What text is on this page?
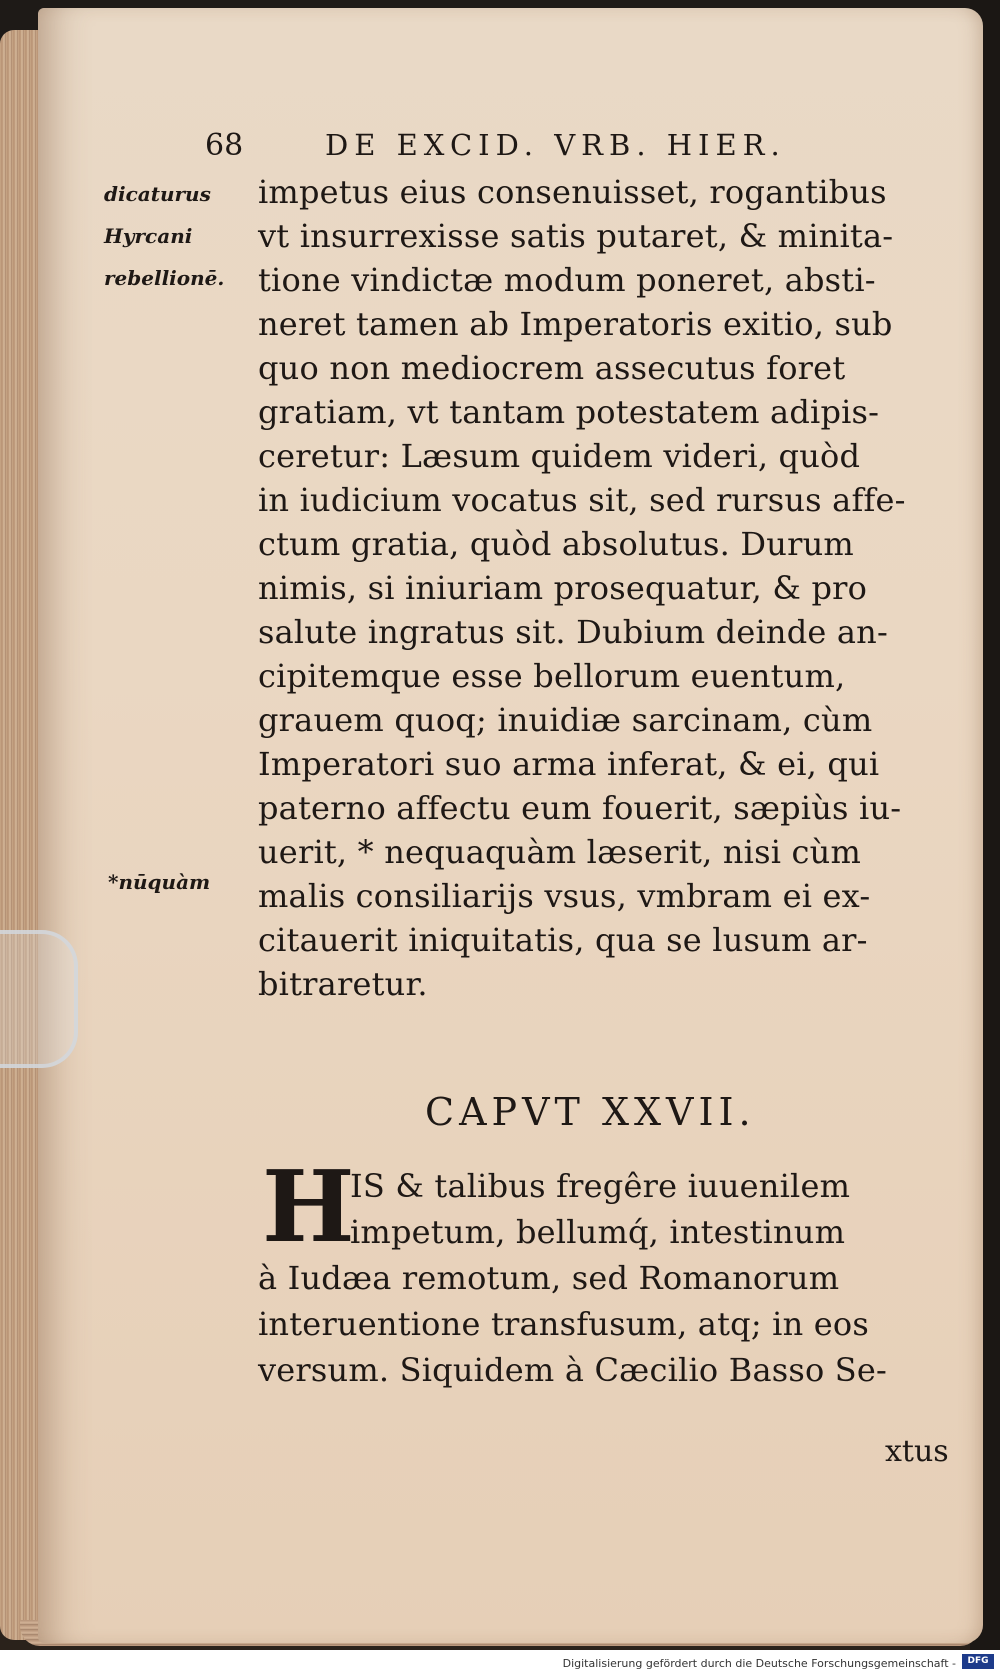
68	DE EXCID. VRB. HIER.
dicaturus
Hyrcani
rebellionē.
*nūquàm
impetus eius consenuisset, rogantibus
vt insurrexisse satis putaret, & minita-
tione vindictæ modum poneret, absti-
neret tamen ab Imperatoris exitio, sub
quo non mediocrem assecutus foret
gratiam, vt tantam potestatem adipis-
ceretur: Læsum quidem videri, quòd
in iudicium vocatus sit, sed rursus affe-
ctum gratia, quòd absolutus. Durum
nimis, si iniuriam prosequatur, & pro
salute ingratus sit. Dubium deinde an-
cipitemque esse bellorum euentum,
grauem quoq; inuidiæ sarcinam, cùm
Imperatori suo arma inferat, & ei, qui
paterno affectu eum fouerit, sæpiùs iu-
uerit, * nequaquàm læserit, nisi cùm
malis consiliarijs vsus, vmbram ei ex-
citauerit iniquitatis, qua se lusum ar-
bitraretur.
CAPVT XXVII.
H
IS & talibus fregêre iuuenilem
impetum, bellumq́, intestinum
à Iudæa remotum, sed Romanorum
interuentione transfusum, atq; in eos
versum. Siquidem à Cæcilio Basso Se-
xtus
Digitalisierung gefördert durch die Deutsche Forschungsgemeinschaft -	DFG
